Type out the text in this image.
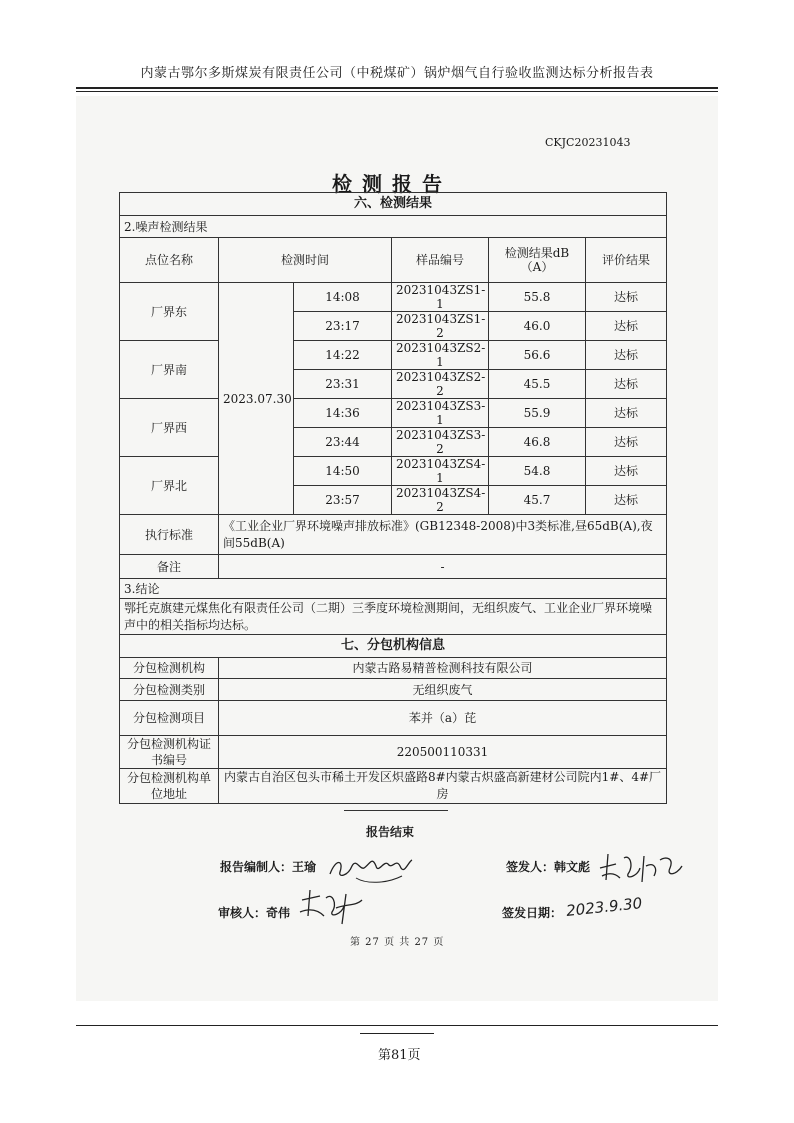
内蒙古鄂尔多斯煤炭有限责任公司（中税煤矿）锅炉烟气自行验收监测达标分析报告表
CKJC20231043
检测报告
六、检测结果					
2.噪声检测结果					
点位名称	检测时间		样品编号	检测结果dB（A）	评价结果
厂界东	2023.07.30	14:08	20231043ZS1-1	55.8	达标
		23:17	20231043ZS1-2	46.0	达标
厂界南		14:22	20231043ZS2-1	56.6	达标
		23:31	20231043ZS2-2	45.5	达标
厂界西		14:36	20231043ZS3-1	55.9	达标
		23:44	20231043ZS3-2	46.8	达标
厂界北		14:50	20231043ZS4-1	54.8	达标
		23:57	20231043ZS4-2	45.7	达标
执行标准	《工业企业厂界环境噪声排放标准》(GB12348-2008)中3类标准,昼65dB(A),夜间55dB(A)				
备注	-				
3.结论					
鄂托克旗建元煤焦化有限责任公司（二期）三季度环境检测期间，无组织废气、工业企业厂界环境噪声中的相关指标均达标。					
七、分包机构信息					
分包检测机构	内蒙古路易精普检测科技有限公司				
分包检测类别	无组织废气				
分包检测项目	苯并（a）芘				
分包检测机构证书编号	220500110331				
分包检测机构单位地址	内蒙古自治区包头市稀土开发区炽盛路8#内蒙古炽盛高新建材公司院内1#、4#厂房				
报告结束
报告编制人：王瑜	签发人：韩文彪
审核人：奇伟	签发日期： 2023.9.30
第 27 页 共 27 页
第81页
